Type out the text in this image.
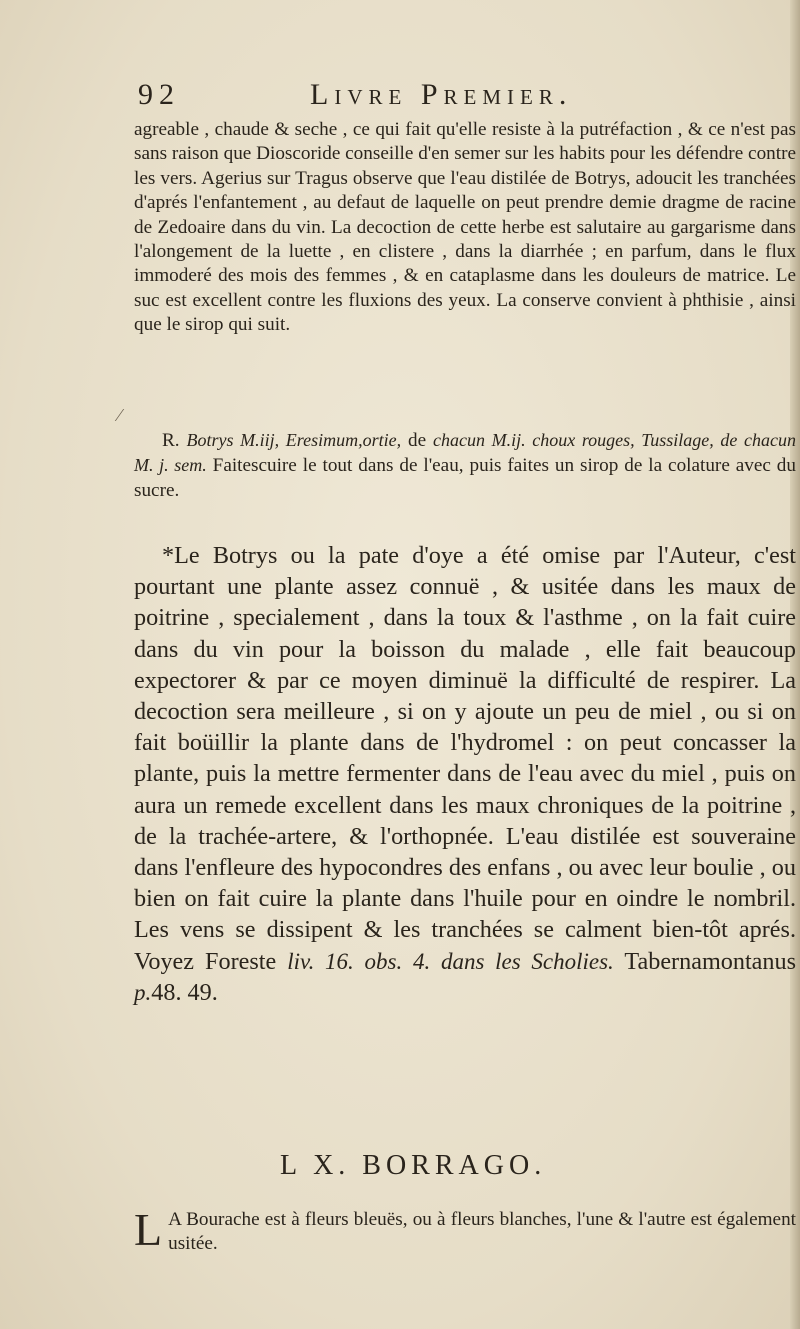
92	Livre Premier.

agreable , chaude & seche , ce qui fait qu'elle resiste à la putréfaction , & ce n'est pas sans raison que Dioscoride conseille d'en semer sur les habits pour les défendre contre les vers. Agerius sur Tragus observe que l'eau distilée de Botrys, adoucit les tranchées d'aprés l'enfantement , au defaut de laquelle on peut prendre demie dragme de racine de Zedoaire dans du vin. La decoction de cette herbe est salutaire au gargarisme dans l'alongement de la luette , en clistere , dans la diarrhée ; en parfum, dans le flux immoderé des mois des femmes , & en cataplasme dans les douleurs de matrice. Le suc est excellent contre les fluxions des yeux. La conserve convient à phthisie , ainsi que le sirop qui suit.

⁄

R. Botrys M.iij, Eresimum,ortie, de chacun M.ij. choux rouges, Tussilage, de chacun M. j. sem. Faitescuire le tout dans de l'eau, puis faites un sirop de la colature avec du sucre.

*Le Botrys ou la pate d'oye a été omise par l'Auteur, c'est pourtant une plante assez connuë , & usitée dans les maux de poitrine , specialement , dans la toux & l'asthme , on la fait cuire dans du vin pour la boisson du malade , elle fait beaucoup expectorer & par ce moyen diminuë la difficulté de respirer. La decoction sera meilleure , si on y ajoute un peu de miel , ou si on fait boüillir la plante dans de l'hydromel : on peut concasser la plante, puis la mettre fermenter dans de l'eau avec du miel , puis on aura un remede excellent dans les maux chroniques de la poitrine , de la trachée-artere, & l'orthopnée. L'eau distilée est souveraine dans l'enfleure des hypocondres des enfans , ou avec leur boulie , ou bien on fait cuire la plante dans l'huile pour en oindre le nombril. Les vens se dissipent & les tranchées se calment bien-tôt aprés. Voyez Foreste liv. 16. obs. 4. dans les Scholies. Tabernamontanus p.48. 49.

L X. BORRAGO.

L A Bourache est à fleurs bleuës, ou à fleurs blanches, l'une & l'autre est également usitée.
